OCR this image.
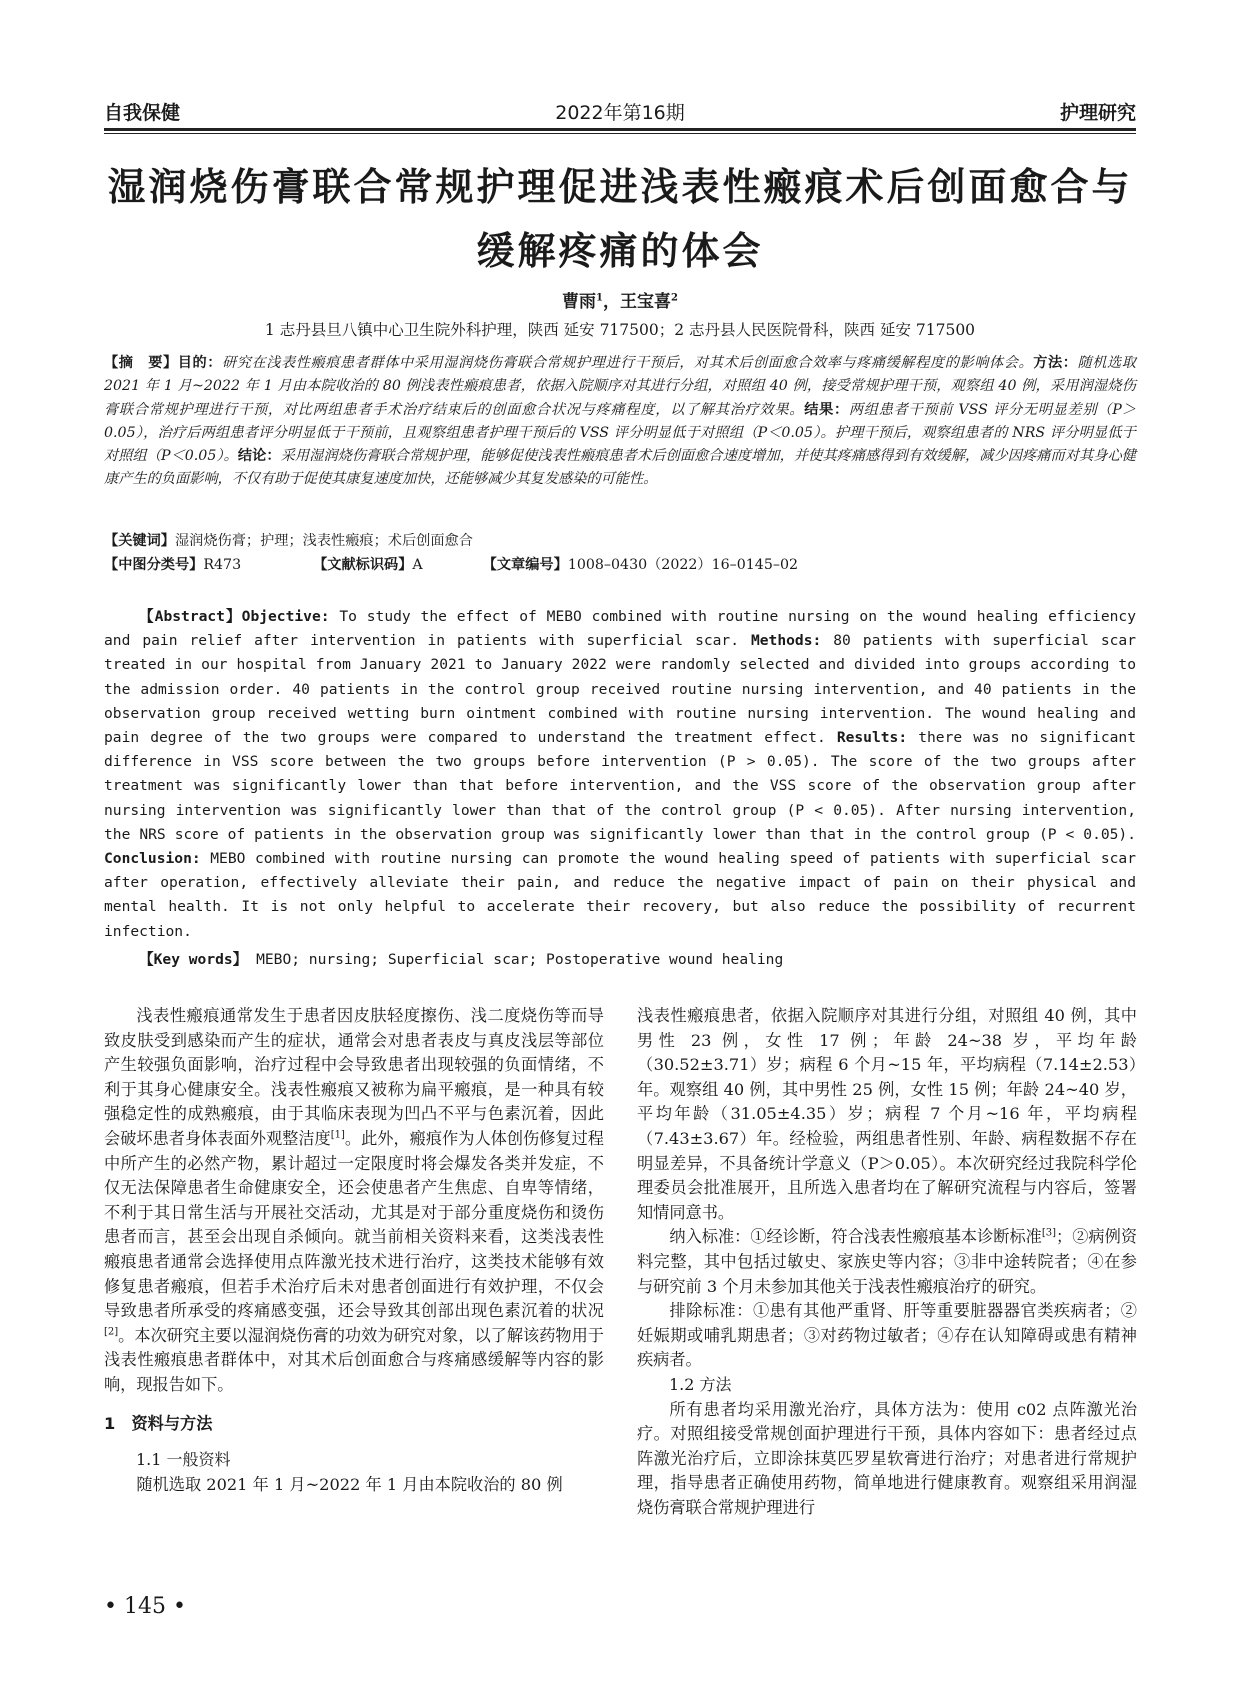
自我保健	2022年第16期	护理研究
湿润烧伤膏联合常规护理促进浅表性瘢痕术后创面愈合与缓解疼痛的体会
曹雨$^1$，王宝喜$^2$
1 志丹县旦八镇中心卫生院外科护理，陕西 延安 717500；2 志丹县人民医院骨科，陕西 延安 717500
【摘　要】目的：研究在浅表性瘢痕患者群体中采用湿润烧伤膏联合常规护理进行干预后，对其术后创面愈合效率与疼痛缓解程度的影响体会。方法：随机选取 2021 年 1 月~2022 年 1 月由本院收治的 80 例浅表性瘢痕患者，依据入院顺序对其进行分组，对照组 40 例，接受常规护理干预，观察组 40 例，采用润湿烧伤膏联合常规护理进行干预，对比两组患者手术治疗结束后的创面愈合状况与疼痛程度，以了解其治疗效果。结果：两组患者干预前 VSS 评分无明显差别（P＞0.05），治疗后两组患者评分明显低于干预前，且观察组患者护理干预后的 VSS 评分明显低于对照组（P＜0.05）。护理干预后，观察组患者的 NRS 评分明显低于对照组（P＜0.05）。结论：采用湿润烧伤膏联合常规护理，能够促使浅表性瘢痕患者术后创面愈合速度增加，并使其疼痛感得到有效缓解，减少因疼痛而对其身心健康产生的负面影响，不仅有助于促使其康复速度加快，还能够减少其复发感染的可能性。
【关键词】湿润烧伤膏；护理；浅表性瘢痕；术后创面愈合
【中图分类号】R473	【文献标识码】A	【文章编号】1008–0430（2022）16–0145–02
【Abstract】Objective: To study the effect of MEBO combined with routine nursing on the wound healing efficiency and pain relief after intervention in patients with superficial scar. Methods: 80 patients with superficial scar treated in our hospital from January 2021 to January 2022 were randomly selected and divided into groups according to the admission order. 40 patients in the control group received routine nursing intervention, and 40 patients in the observation group received wetting burn ointment combined with routine nursing intervention. The wound healing and pain degree of the two groups were compared to understand the treatment effect. Results: there was no significant difference in VSS score between the two groups before intervention (P > 0.05). The score of the two groups after treatment was significantly lower than that before intervention, and the VSS score of the observation group after nursing intervention was significantly lower than that of the control group (P < 0.05). After nursing intervention, the NRS score of patients in the observation group was significantly lower than that in the control group (P < 0.05). Conclusion: MEBO combined with routine nursing can promote the wound healing speed of patients with superficial scar after operation, effectively alleviate their pain, and reduce the negative impact of pain on their physical and mental health. It is not only helpful to accelerate their recovery, but also reduce the possibility of recurrent infection.
【Key words】 MEBO; nursing; Superficial scar; Postoperative wound healing

浅表性瘢痕通常发生于患者因皮肤轻度擦伤、浅二度烧伤等而导致皮肤受到感染而产生的症状，通常会对患者表皮与真皮浅层等部位产生较强负面影响，治疗过程中会导致患者出现较强的负面情绪，不利于其身心健康安全。浅表性瘢痕又被称为扁平瘢痕，是一种具有较强稳定性的成熟瘢痕，由于其临床表现为凹凸不平与色素沉着，因此会破坏患者身体表面外观整洁度[1]。此外，瘢痕作为人体创伤修复过程中所产生的必然产物，累计超过一定限度时将会爆发各类并发症，不仅无法保障患者生命健康安全，还会使患者产生焦虑、自卑等情绪，不利于其日常生活与开展社交活动，尤其是对于部分重度烧伤和烫伤患者而言，甚至会出现自杀倾向。就当前相关资料来看，这类浅表性瘢痕患者通常会选择使用点阵激光技术进行治疗，这类技术能够有效修复患者瘢痕，但若手术治疗后未对患者创面进行有效护理，不仅会导致患者所承受的疼痛感变强，还会导致其创部出现色素沉着的状况[2]。本次研究主要以湿润烧伤膏的功效为研究对象，以了解该药物用于浅表性瘢痕患者群体中，对其术后创面愈合与疼痛感缓解等内容的影响，现报告如下。

1　资料与方法
1.1 一般资料

随机选取 2021 年 1 月~2022 年 1 月由本院收治的 80 例

浅表性瘢痕患者，依据入院顺序对其进行分组，对照组 40 例，其中男性 23 例，女性 17 例；年龄 24~38 岁，平均年龄（30.52±3.71）岁；病程 6 个月~15 年，平均病程（7.14±2.53）年。观察组 40 例，其中男性 25 例，女性 15 例；年龄 24~40 岁，平均年龄（31.05±4.35）岁；病程 7 个月~16 年，平均病程（7.43±3.67）年。经检验，两组患者性别、年龄、病程数据不存在明显差异，不具备统计学意义（P＞0.05）。本次研究经过我院科学伦理委员会批准展开，且所选入患者均在了解研究流程与内容后，签署知情同意书。

纳入标准：①经诊断，符合浅表性瘢痕基本诊断标准[3]；②病例资料完整，其中包括过敏史、家族史等内容；③非中途转院者；④在参与研究前 3 个月未参加其他关于浅表性瘢痕治疗的研究。

排除标准：①患有其他严重肾、肝等重要脏器器官类疾病者；②妊娠期或哺乳期患者；③对药物过敏者；④存在认知障碍或患有精神疾病者。

1.2 方法

所有患者均采用激光治疗，具体方法为：使用 c02 点阵激光治疗。对照组接受常规创面护理进行干预，具体内容如下：患者经过点阵激光治疗后，立即涂抹莫匹罗星软膏进行治疗；对患者进行常规护理，指导患者正确使用药物，简单地进行健康教育。观察组采用润湿烧伤膏联合常规护理进行

• 145 •
